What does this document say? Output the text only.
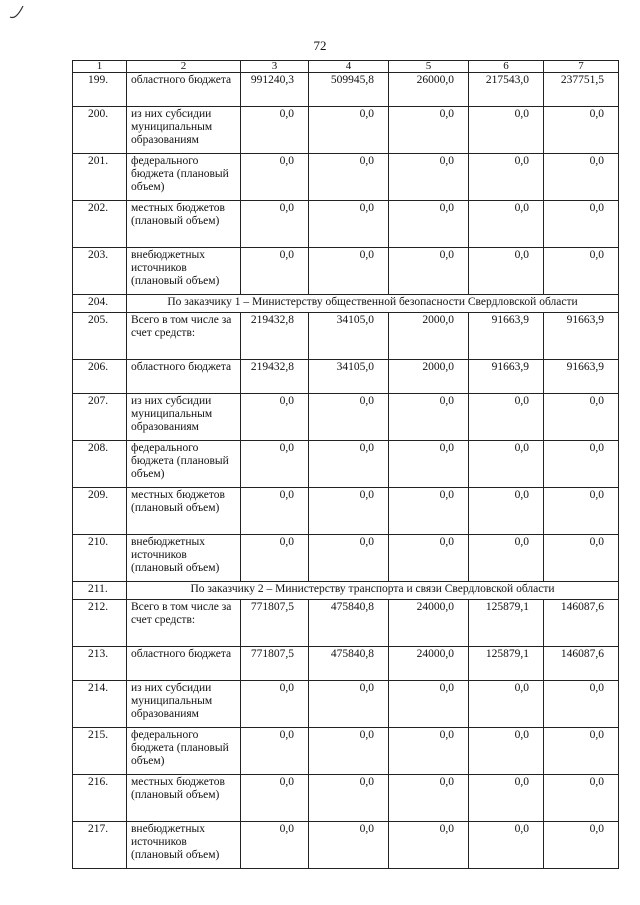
72
1	2	3	4	5	6	7
199.	областного бюджета	991240,3	509945,8	26000,0	217543,0	237751,5
200.	из них субсидии муниципальным образованиям	0,0	0,0	0,0	0,0	0,0
201.	федерального бюджета (плановый объем)	0,0	0,0	0,0	0,0	0,0
202.	местных бюджетов (плановый объем)	0,0	0,0	0,0	0,0	0,0
203.	внебюджетных источников (плановый объем)	0,0	0,0	0,0	0,0	0,0
204.	По заказчику 1 – Министерству общественной безопасности Свердловской области					
205.	Всего в том числе за счет средств:	219432,8	34105,0	2000,0	91663,9	91663,9
206.	областного бюджета	219432,8	34105,0	2000,0	91663,9	91663,9
207.	из них субсидии муниципальным образованиям	0,0	0,0	0,0	0,0	0,0
208.	федерального бюджета (плановый объем)	0,0	0,0	0,0	0,0	0,0
209.	местных бюджетов (плановый объем)	0,0	0,0	0,0	0,0	0,0
210.	внебюджетных источников (плановый объем)	0,0	0,0	0,0	0,0	0,0
211.	По заказчику 2 – Министерству транспорта и связи Свердловской области					
212.	Всего в том числе за счет средств:	771807,5	475840,8	24000,0	125879,1	146087,6
213.	областного бюджета	771807,5	475840,8	24000,0	125879,1	146087,6
214.	из них субсидии муниципальным образованиям	0,0	0,0	0,0	0,0	0,0
215.	федерального бюджета (плановый объем)	0,0	0,0	0,0	0,0	0,0
216.	местных бюджетов (плановый объем)	0,0	0,0	0,0	0,0	0,0
217.	внебюджетных источников (плановый объем)	0,0	0,0	0,0	0,0	0,0
